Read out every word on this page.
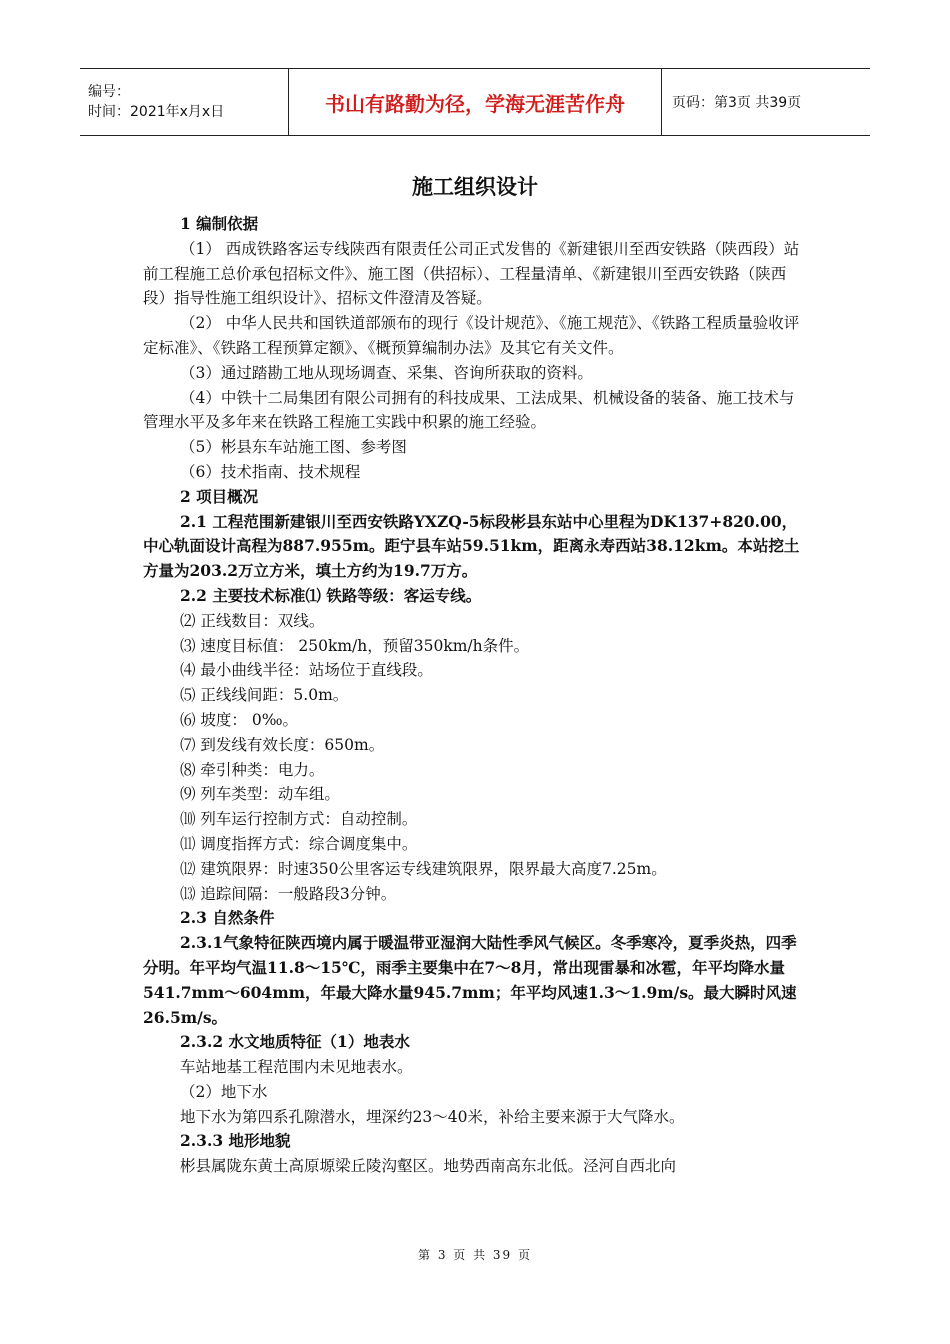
编号：
时间：2021年x月x日	书山有路勤为径，学海无涯苦作舟	页码：第3页 共39页
施工组织设计

1 编制依据

（1） 西成铁路客运专线陕西有限责任公司正式发售的《新建银川至西安铁路（陕西段）站前工程施工总价承包招标文件》、施工图（供招标）、工程量清单、《新建银川至西安铁路（陕西段）指导性施工组织设计》、招标文件澄清及答疑。

（2） 中华人民共和国铁道部颁布的现行《设计规范》、《施工规范》、《铁路工程质量验收评定标准》、《铁路工程预算定额》、《概预算编制办法》及其它有关文件。

（3）通过踏勘工地从现场调查、采集、咨询所获取的资料。

（4）中铁十二局集团有限公司拥有的科技成果、工法成果、机械设备的装备、施工技术与管理水平及多年来在铁路工程施工实践中积累的施工经验。

（5）彬县东车站施工图、参考图

（6）技术指南、技术规程

2 项目概况

2.1 工程范围新建银川至西安铁路YXZQ-5标段彬县东站中心里程为DK137+820.00，中心轨面设计高程为887.955m。距宁县车站59.51km，距离永寿西站38.12km。本站挖土方量为203.2万立方米，填土方约为19.7万方。

2.2 主要技术标准⑴ 铁路等级：客运专线。

⑵ 正线数目：双线。

⑶ 速度目标值： 250km/h，预留350km/h条件。

⑷ 最小曲线半径：站场位于直线段。

⑸ 正线线间距：5.0m。

⑹ 坡度： 0‰。

⑺ 到发线有效长度：650m。

⑻ 牵引种类：电力。

⑼ 列车类型：动车组。

⑽ 列车运行控制方式：自动控制。

⑾ 调度指挥方式：综合调度集中。

⑿ 建筑限界：时速350公里客运专线建筑限界，限界最大高度7.25m。

⒀ 追踪间隔：一般路段3分钟。

2.3 自然条件

2.3.1气象特征陕西境内属于暖温带亚湿润大陆性季风气候区。冬季寒冷，夏季炎热，四季分明。年平均气温11.8～15℃，雨季主要集中在7～8月，常出现雷暴和冰雹，年平均降水量541.7mm～604mm，年最大降水量945.7mm；年平均风速1.3～1.9m/s。最大瞬时风速26.5m/s。

2.3.2 水文地质特征（1）地表水

车站地基工程范围内未见地表水。

（2）地下水

地下水为第四系孔隙潜水，埋深约23～40米，补给主要来源于大气降水。

2.3.3 地形地貌

彬县属陇东黄土高原塬梁丘陵沟壑区。地势西南高东北低。泾河自西北向

第 3 页 共 39 页
